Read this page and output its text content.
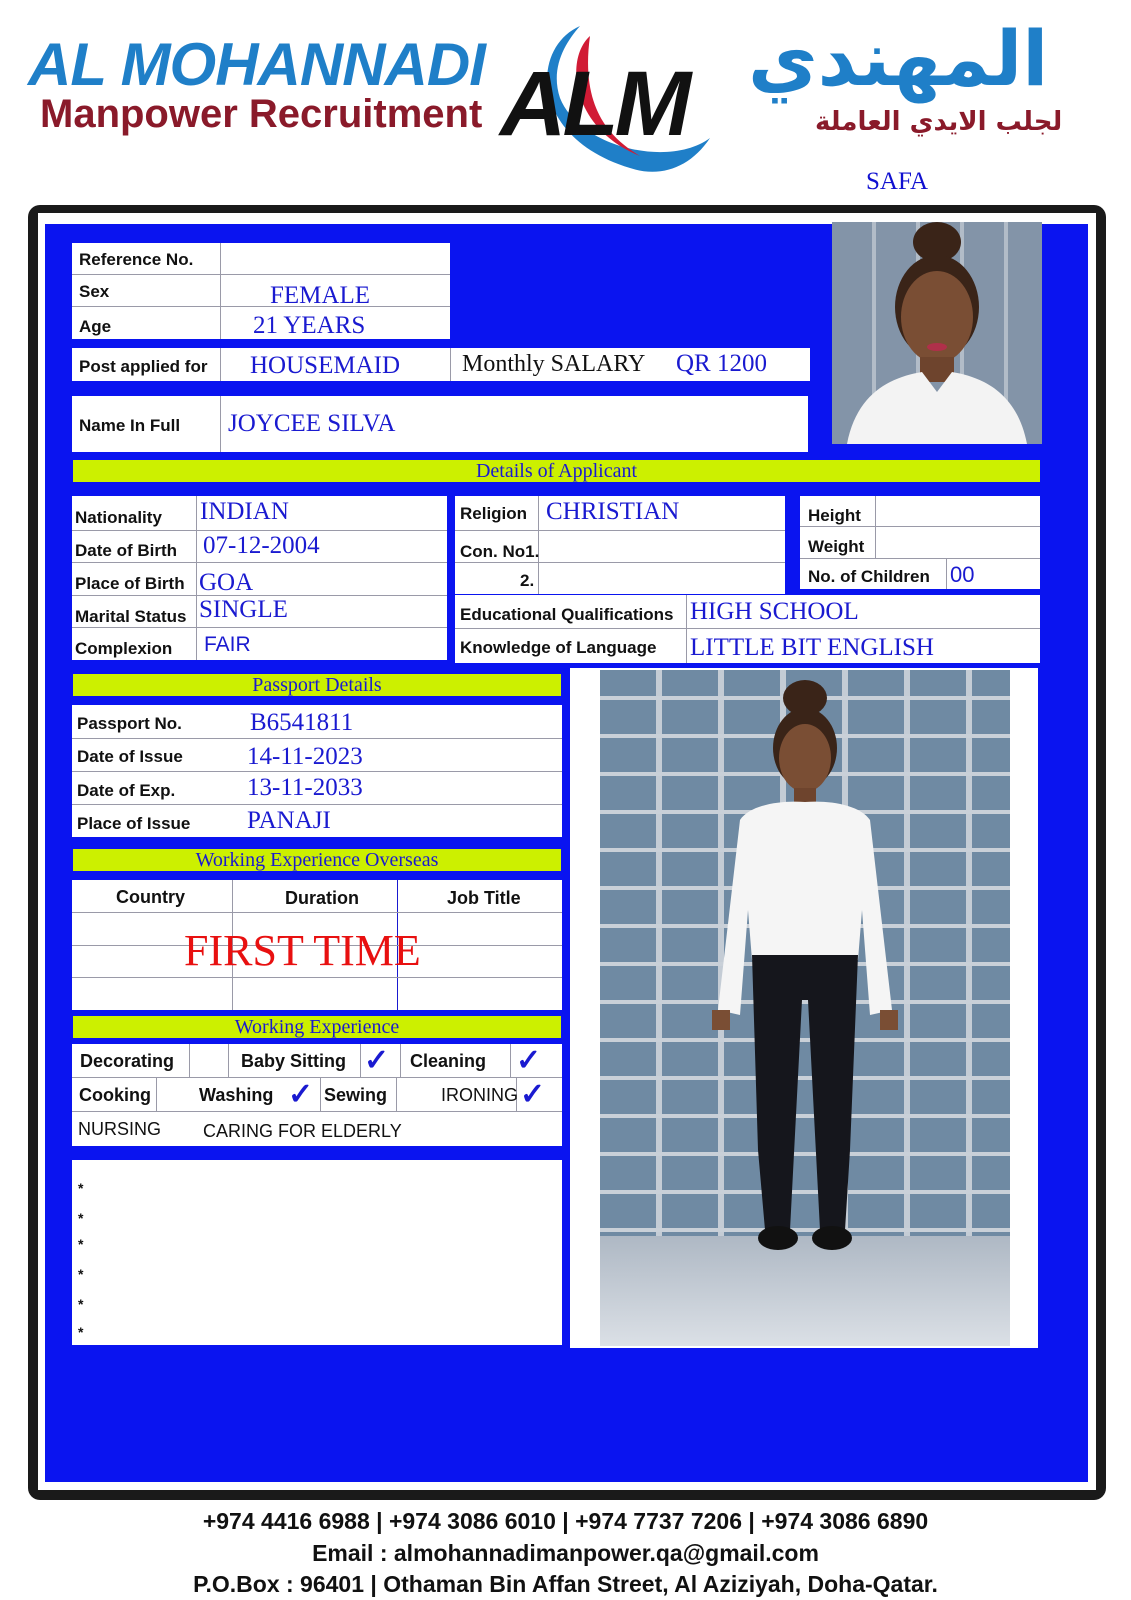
AL MOHANNADI
Manpower Recruitment ALM المهندي
لجلب الايدي العاملة
SAFA
Reference No.
Sex	FEMALE
Age	21 YEARS
Post applied for HOUSEMAID	Monthly SALARY QR 1200
Name In Full JOYCEE SILVA
Details of Applicant
Nationality INDIAN
Date of Birth 07-12-2004
Place of Birth GOA
Marital Status SINGLE
Complexion FAIR
Religion CHRISTIAN
Con. No1.
2.
Height
Weight
No. of Children 00
Educational Qualifications HIGH SCHOOL
Knowledge of Language LITTLE BIT ENGLISH
Passport Details
Passport No.	B6541811
Date of Issue	14-11-2023
Date of Exp.	13-11-2033
Place of Issue PANAJI
Working Experience Overseas
Country	Duration	Job Title
FIRST TIME
Working Experience
Decorating	Baby Sitting ✓ Cleaning ✓
Cooking	Washing ✓ Sewing	IRONING ✓
NURSING CARING FOR ELDERLY
*
*
*
*
*
*
+974 4416 6988 | +974 3086 6010 | +974 7737 7206 | +974 3086 6890
Email : almohannadimanpower.qa@gmail.com
P.O.Box : 96401 | Othaman Bin Affan Street, Al Aziziyah, Doha-Qatar.
